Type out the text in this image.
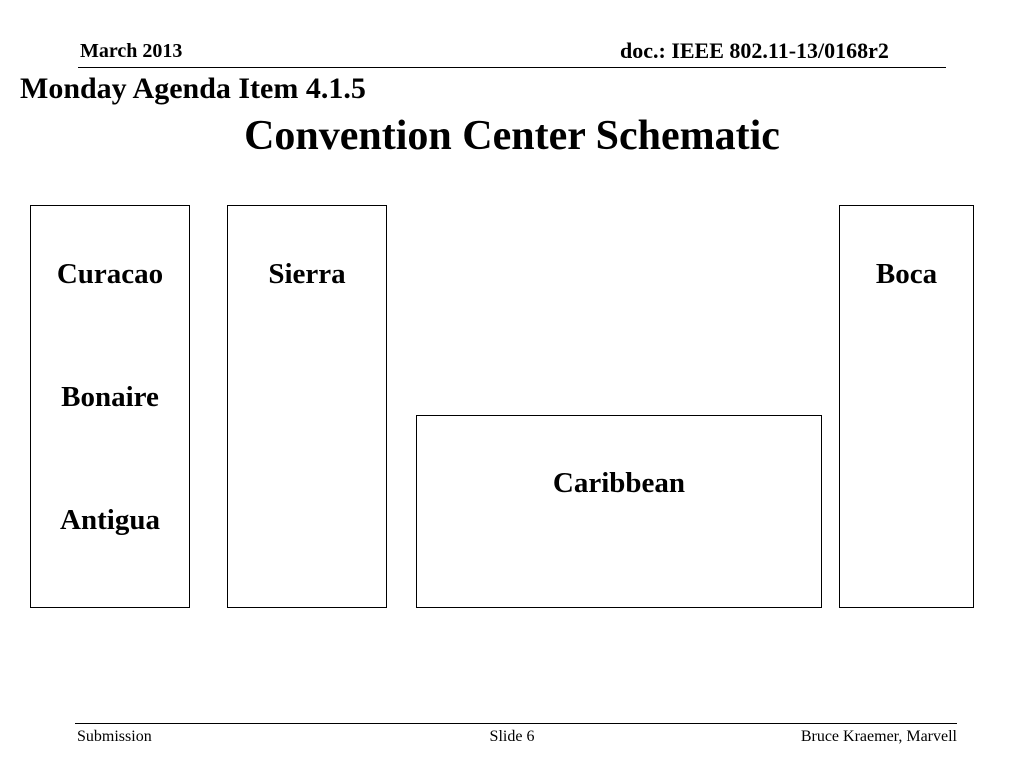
March 2013	doc.: IEEE 802.11-13/0168r2
Monday Agenda Item 4.1.5
Convention Center Schematic
Curacao
Bonaire
Antigua
Sierra
Caribbean
Boca
Submission	Slide 6	Bruce Kraemer, Marvell
